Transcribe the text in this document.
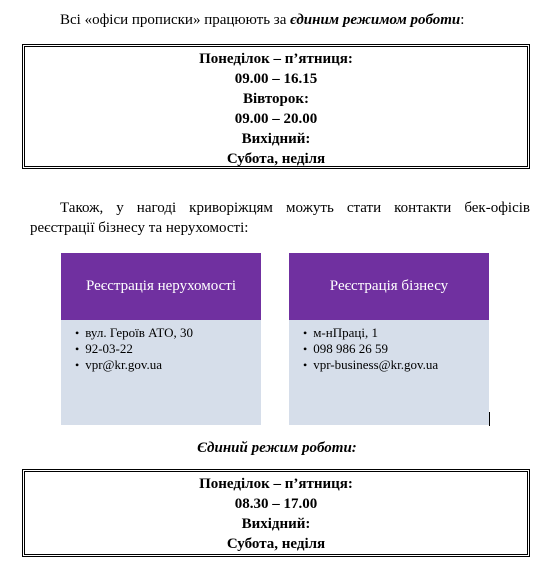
Всі «офіси прописки» працюють за єдиним режимом роботи:
Понеділок – п’ятниця:
09.00 – 16.15
Вівторок:
09.00 – 20.00
Вихідний:
Субота, неділя
Також, у нагоді криворіжцям можуть стати контакти бек-офісів реєстрації бізнесу та нерухомості:
Реєстрація нерухомості
• вул. Героїв АТО, 30
• 92-03-22
• vpr@kr.gov.ua
Реєстрація бізнесу
• м-нПраці, 1
• 098 986 26 59
• vpr-business@kr.gov.ua
Єдиний режим роботи:
Понеділок – п’ятниця:
08.30 – 17.00
Вихідний:
Субота, неділя
